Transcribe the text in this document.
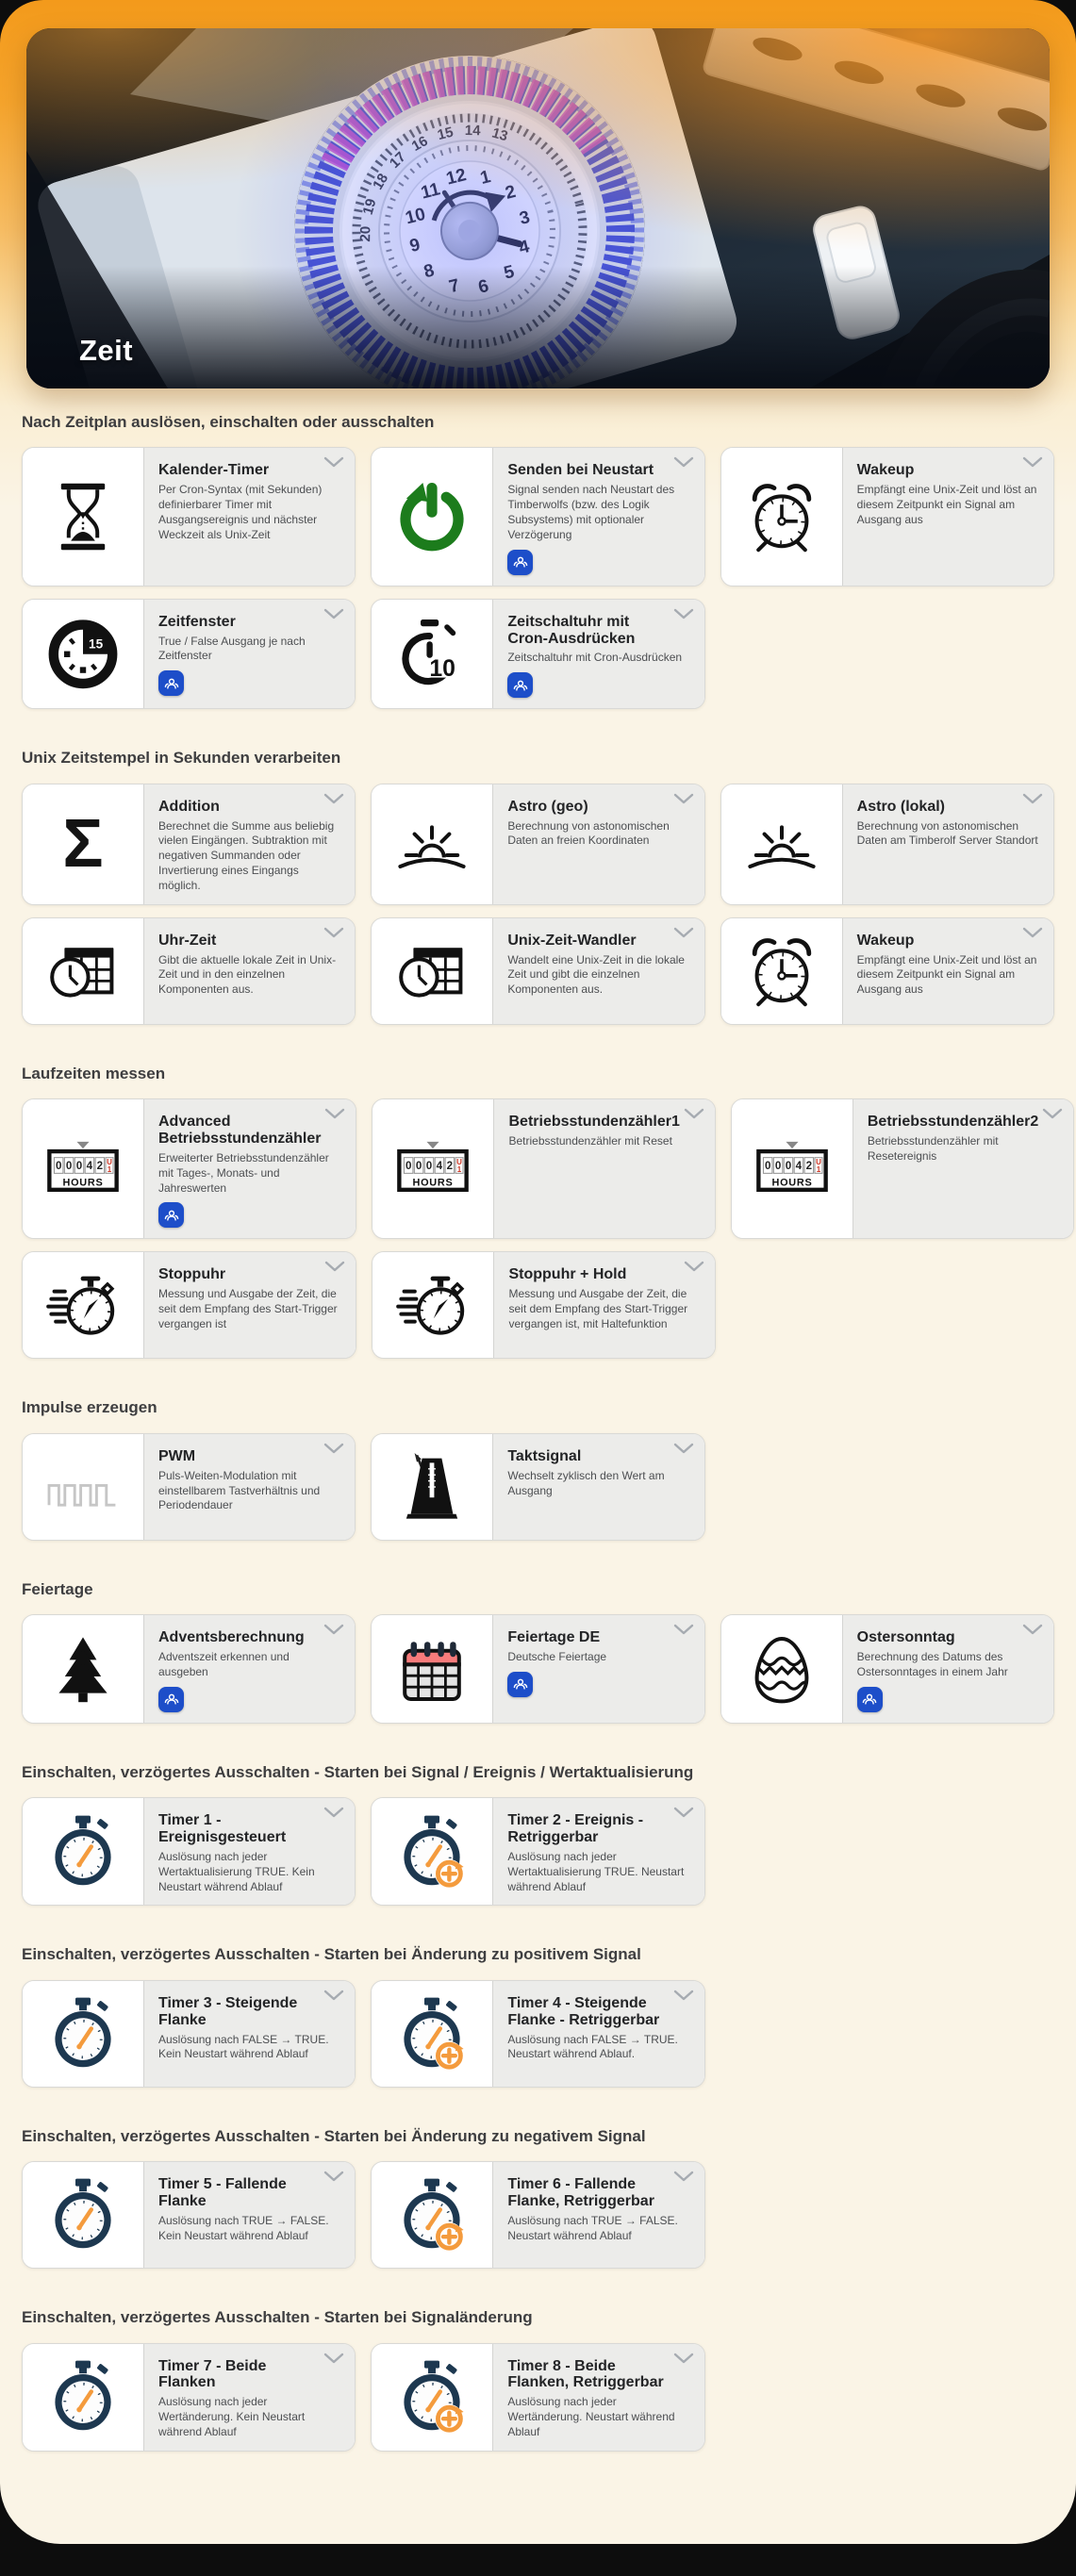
Zeit
Nach Zeitplan auslösen, einschalten oder ausschalten
Kalender-Timer
Per Cron-Syntax (mit Sekunden) definierbarer Timer mit Ausgangsereignis und nächster Weckzeit als Unix-Zeit
Senden bei Neustart
Signal senden nach Neustart des Timberwolfs (bzw. des Logik Subsystems) mit optionaler Verzögerung
Wakeup
Empfängt eine Unix-Zeit und löst an diesem Zeitpunkt ein Signal am Ausgang aus
15
Zeitfenster
True / False Ausgang je nach Zeitfenster
10
Zeitschaltuhr mit Cron-Ausdrücken
Zeitschaltuhr mit Cron-Ausdrücken
Unix Zeitstempel in Sekunden verarbeiten
Σ
Addition
Berechnet die Summe aus beliebig vielen Eingängen. Subtraktion mit negativen Summanden oder Invertierung eines Eingangs möglich.
Astro (geo)
Berechnung von astonomischen Daten an freien Koordinaten
Astro (lokal)
Berechnung von astonomischen Daten am Timberolf Server Standort
Uhr-Zeit
Gibt die aktuelle lokale Zeit in Unix-Zeit und in den einzelnen Komponenten aus.
Unix-Zeit-Wandler
Wandelt eine Unix-Zeit in die lokale Zeit und gibt die einzelnen Komponenten aus.
Wakeup
Empfängt eine Unix-Zeit und löst an diesem Zeitpunkt ein Signal am Ausgang aus
Laufzeiten messen
0 0 0 4 2 U
1
HOURS
Advanced Betriebsstundenzähler
Erweiterter Betriebsstundenzähler mit Tages-, Monats- und Jahreswerten
0 0 0 4 2 U
1
HOURS
Betriebsstundenzähler1
Betriebsstundenzähler mit Reset
0 0 0 4 2 U
1
HOURS
Betriebsstundenzähler2
Betriebsstundenzähler mit Resetereignis
Stoppuhr
Messung und Ausgabe der Zeit, die seit dem Empfang des Start-Trigger vergangen ist
Stoppuhr + Hold
Messung und Ausgabe der Zeit, die seit dem Empfang des Start-Trigger vergangen ist, mit Haltefunktion
Impulse erzeugen
PWM
Puls-Weiten-Modulation mit einstellbarem Tastverhältnis und Periodendauer
Taktsignal
Wechselt zyklisch den Wert am Ausgang
Feiertage
Adventsberechnung
Adventszeit erkennen und ausgeben
Feiertage DE
Deutsche Feiertage
Ostersonntag
Berechnung des Datums des Ostersonntages in einem Jahr
Einschalten, verzögertes Ausschalten - Starten bei Signal / Ereignis / Wertaktualisierung
Timer 1 - Ereignisgesteuert
Auslösung nach jeder Wertaktualisierung TRUE. Kein Neustart während Ablauf
Timer 2 - Ereignis - Retriggerbar
Auslösung nach jeder Wertaktualisierung TRUE. Neustart während Ablauf
Einschalten, verzögertes Ausschalten - Starten bei Änderung zu positivem Signal
Timer 3 - Steigende Flanke
Auslösung nach FALSE → TRUE. Kein Neustart während Ablauf
Timer 4 - Steigende Flanke - Retriggerbar
Auslösung nach FALSE → TRUE. Neustart während Ablauf.
Einschalten, verzögertes Ausschalten - Starten bei Änderung zu negativem Signal
Timer 5 - Fallende Flanke
Auslösung nach TRUE → FALSE. Kein Neustart während Ablauf
Timer 6 - Fallende Flanke, Retriggerbar
Auslösung nach TRUE → FALSE. Neustart während Ablauf
Einschalten, verzögertes Ausschalten - Starten bei Signaländerung
Timer 7 - Beide Flanken
Auslösung nach jeder Wertänderung. Kein Neustart während Ablauf
Timer 8 - Beide Flanken, Retriggerbar
Auslösung nach jeder Wertänderung. Neustart während Ablauf
